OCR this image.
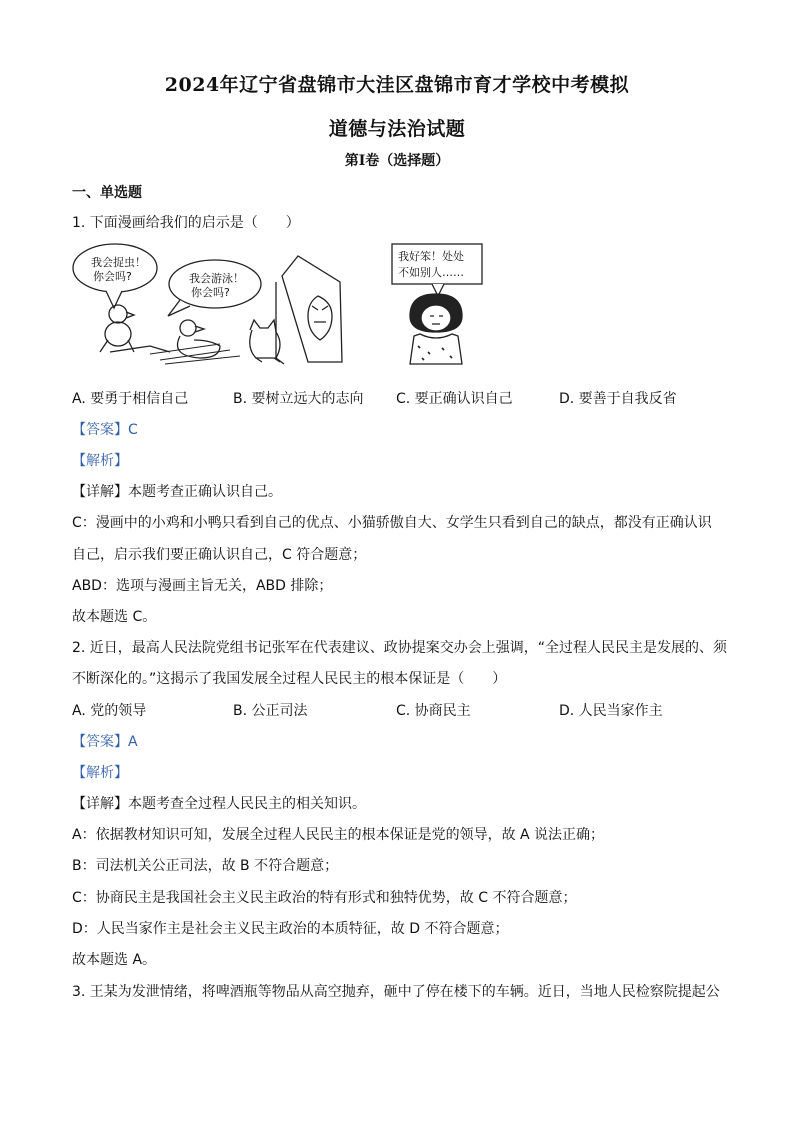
2024年辽宁省盘锦市大洼区盘锦市育才学校中考模拟
道德与法治试题
第Ⅰ卷（选择题）
一、单选题
1. 下面漫画给我们的启示是（　　）
我会捉虫！
你会吗?	我会游泳！
你会吗?
我好笨！处处
不如别人……
A. 要勇于相信自己	B. 要树立远大的志向 C. 要正确认识自己	D. 要善于自我反省
【答案】C
【解析】
【详解】本题考查正确认识自己。
C：漫画中的小鸡和小鸭只看到自己的优点、小猫骄傲自大、女学生只看到自己的缺点，都没有正确认识
自己，启示我们要正确认识自己，C 符合题意；
ABD：选项与漫画主旨无关，ABD 排除；
故本题选 C。
2. 近日，最高人民法院党组书记张军在代表建议、政协提案交办会上强调，“全过程人民民主是发展的、须
不断深化的。”这揭示了我国发展全过程人民民主的根本保证是（　　）
A. 党的领导	B. 公正司法	C. 协商民主	D. 人民当家作主
【答案】A
【解析】
【详解】本题考查全过程人民民主的相关知识。
A：依据教材知识可知，发展全过程人民民主的根本保证是党的领导，故 A 说法正确；
B：司法机关公正司法，故 B 不符合题意；
C：协商民主是我国社会主义民主政治的特有形式和独特优势，故 C 不符合题意；
D：人民当家作主是社会主义民主政治的本质特征，故 D 不符合题意；
故本题选 A。
3. 王某为发泄情绪，将啤酒瓶等物品从高空抛弃，砸中了停在楼下的车辆。近日，当地人民检察院提起公
